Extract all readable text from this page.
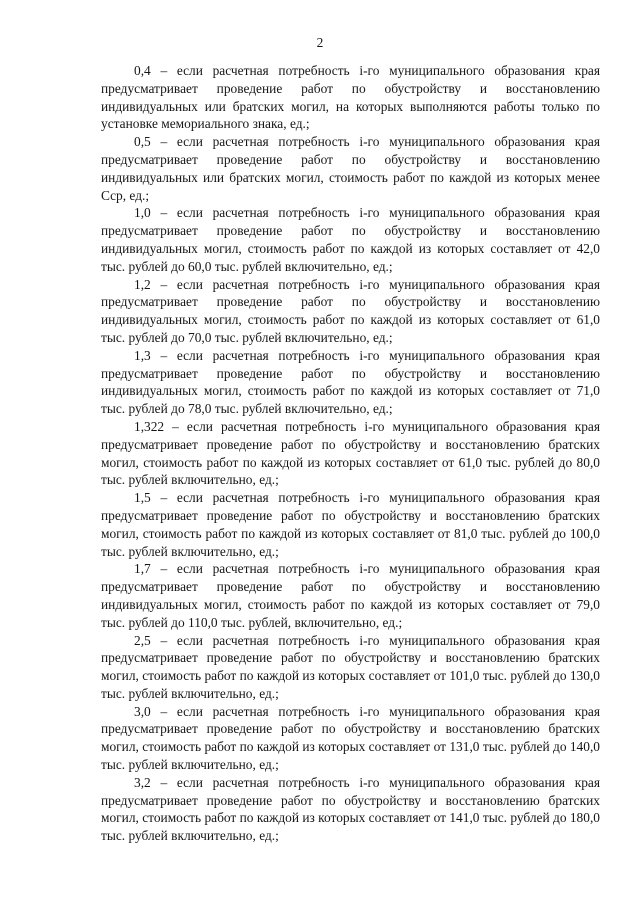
2

0,4 – если расчетная потребность i-го муниципального образования края предусматривает проведение работ по обустройству и восстановлению индивидуальных или братских могил, на которых выполняются работы только по установке мемориального знака, ед.;

0,5 – если расчетная потребность i-го муниципального образования края предусматривает проведение работ по обустройству и восстановлению индивидуальных или братских могил, стоимость работ по каждой из которых менее Сср, ед.;

1,0 – если расчетная потребность i-го муниципального образования края предусматривает проведение работ по обустройству и восстановлению индивидуальных могил, стоимость работ по каждой из которых составляет от 42,0 тыс. рублей до 60,0 тыс. рублей включительно, ед.;

1,2 – если расчетная потребность i-го муниципального образования края предусматривает проведение работ по обустройству и восстановлению индивидуальных могил, стоимость работ по каждой из которых составляет от 61,0 тыс. рублей до 70,0 тыс. рублей включительно, ед.;

1,3 – если расчетная потребность i-го муниципального образования края предусматривает проведение работ по обустройству и восстановлению индивидуальных могил, стоимость работ по каждой из которых составляет от 71,0 тыс. рублей до 78,0 тыс. рублей включительно, ед.;

1,322 – если расчетная потребность i-го муниципального образования края предусматривает проведение работ по обустройству и восстановлению братских могил, стоимость работ по каждой из которых составляет от 61,0 тыс. рублей до 80,0 тыс. рублей включительно, ед.;

1,5 – если расчетная потребность i-го муниципального образования края предусматривает проведение работ по обустройству и восстановлению братских могил, стоимость работ по каждой из которых составляет от 81,0 тыс. рублей до 100,0 тыс. рублей включительно, ед.;

1,7 – если расчетная потребность i-го муниципального образования края предусматривает проведение работ по обустройству и восстановлению индивидуальных могил, стоимость работ по каждой из которых составляет от 79,0 тыс. рублей до 110,0 тыс. рублей, включительно, ед.;

2,5 – если расчетная потребность i-го муниципального образования края предусматривает проведение работ по обустройству и восстановлению братских могил, стоимость работ по каждой из которых составляет от 101,0 тыс. рублей до 130,0 тыс. рублей включительно, ед.;

3,0 – если расчетная потребность i-го муниципального образования края предусматривает проведение работ по обустройству и восстановлению братских могил, стоимость работ по каждой из которых составляет от 131,0 тыс. рублей до 140,0 тыс. рублей включительно, ед.;

3,2 – если расчетная потребность i-го муниципального образования края предусматривает проведение работ по обустройству и восстановлению братских могил, стоимость работ по каждой из которых составляет от 141,0 тыс. рублей до 180,0 тыс. рублей включительно, ед.;
